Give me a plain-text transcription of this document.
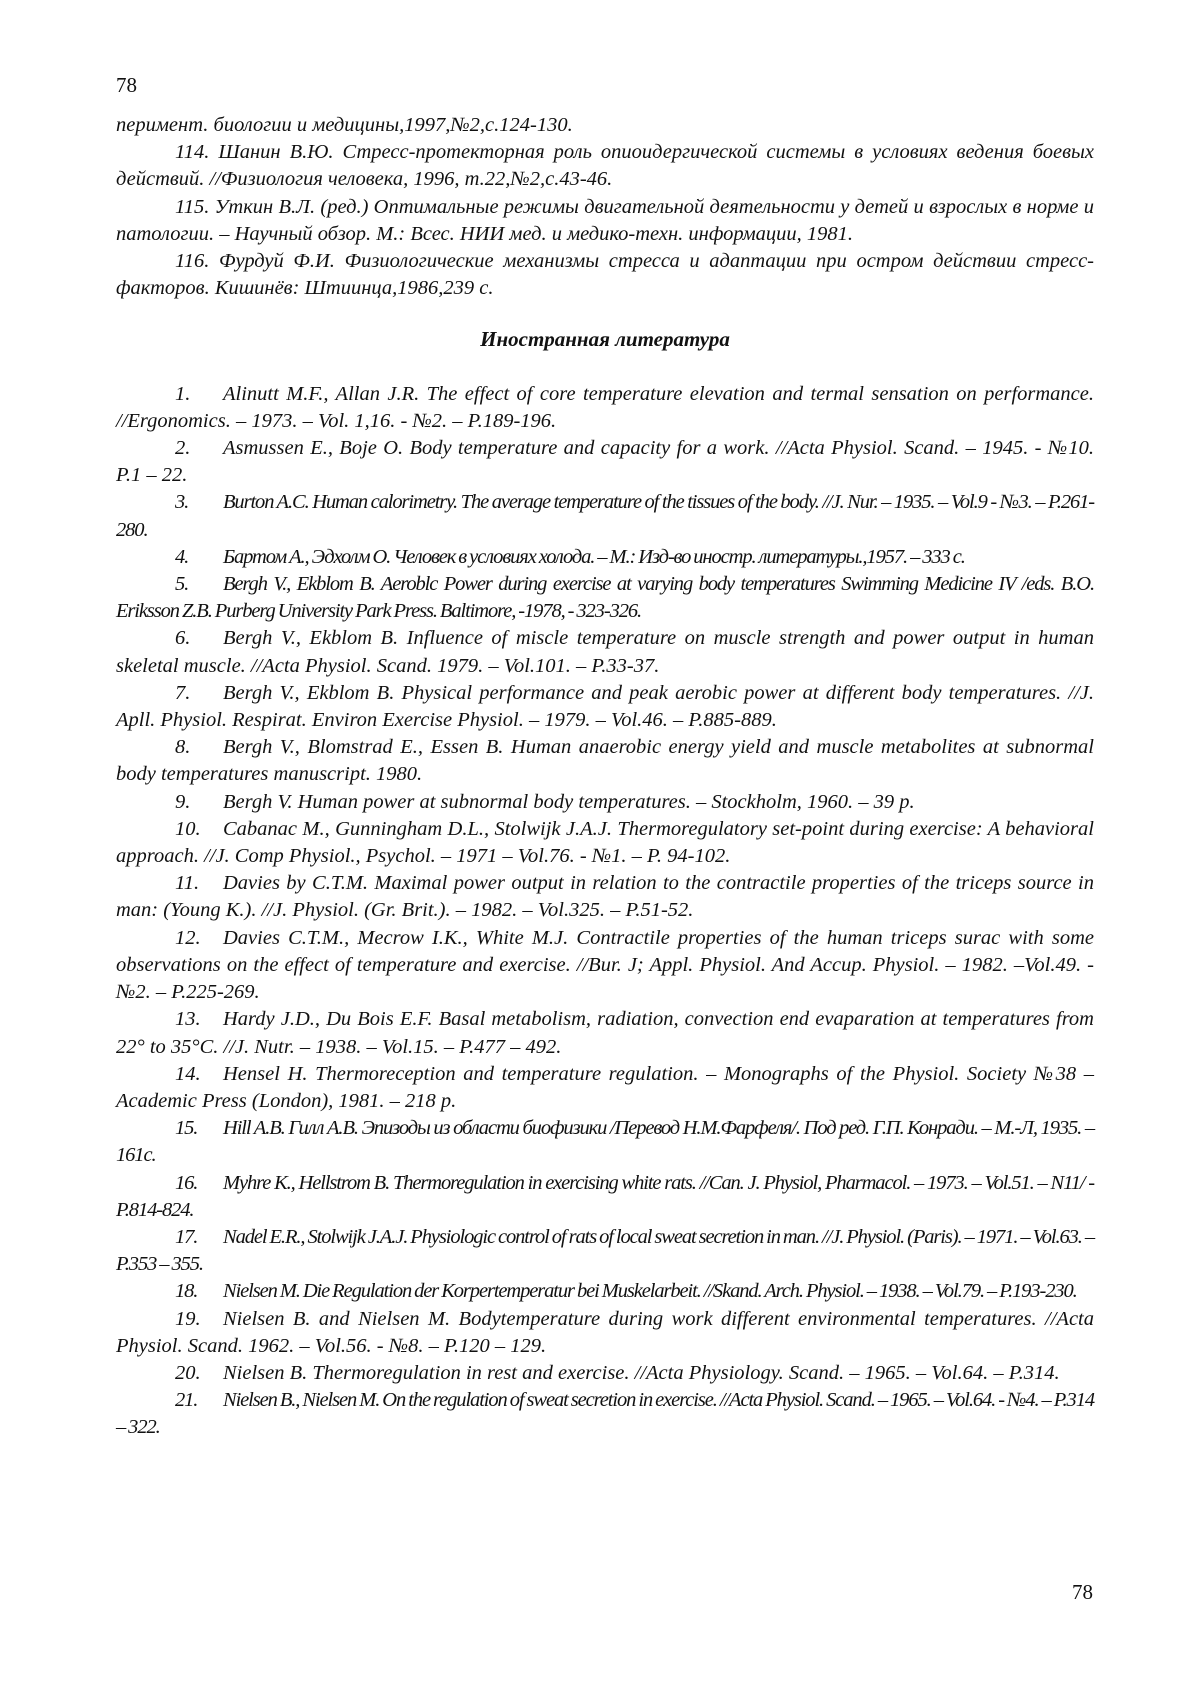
78

перимент. биологии и медицины,1997,№2,с.124-130.

114. Шанин В.Ю. Стресс-протекторная роль опиоидергической системы в условиях ведения боевых действий. //Физиология человека, 1996, т.22,№2,с.43-46.

115. Уткин В.Л. (ред.) Оптимальные режимы двигательной деятельности у детей и взрослых в норме и патологии. – Научный обзор. М.: Всес. НИИ мед. и медико-техн. информации, 1981.

116. Фурдуй Ф.И. Физиологические механизмы стресса и адаптации при остром действии стресс-факторов. Кишинёв: Штиинца,1986,239 с.

Иностранная литература

1. Alinutt M.F., Allan J.R. The effect of core temperature elevation and termal sensation on performance. //Ergonomics. – 1973. – Vol. 1,16. - №2. – P.189-196.

2. Asmussen E., Boje O. Body temperature and capacity for a work. //Acta Physiol. Scand. – 1945. - №10. P.1 – 22.

3. Burton A.C. Human calorimetry. The average temperature of the tissues of the body. //J. Nur. – 1935. – Vol.9 - №3. – P.261-280.

4. Бартом А., Эдхолм О. Человек в условиях холода. – М.: Изд-во иностр. литературы.,1957. – 333 с.

5. Bergh V., Ekblom B. Aeroblc Power during exercise at varying body temperatures Swimming Medicine IV /eds. B.O. Eriksson Z.B. Purberg University Park Press. Baltimore, -1978, - 323-326.

6. Bergh V., Ekblom B. Influence of miscle temperature on muscle strength and power output in human skeletal muscle. //Acta Physiol. Scand. 1979. – Vol.101. – P.33-37.

7. Bergh V., Ekblom B. Physical performance and peak aerobic power at different body temperatures. //J. Apll. Physiol. Respirat. Environ Exercise Physiol. – 1979. – Vol.46. – P.885-889.

8. Bergh V., Blomstrad E., Essen B. Human anaerobic energy yield and muscle metabolites at subnormal body temperatures manuscript. 1980.

9. Bergh V. Human power at subnormal body temperatures. – Stockholm, 1960. – 39 p.

10. Cabanac M., Gunningham D.L., Stolwijk J.A.J. Thermoregulatory set-point during exercise: A behavioral approach. //J. Comp Physiol., Psychol. – 1971 – Vol.76. - №1. – P. 94-102.

11. Davies by C.T.M. Maximal power output in relation to the contractile properties of the triceps source in man: (Young K.). //J. Physiol. (Gr. Brit.). – 1982. – Vol.325. – P.51-52.

12. Davies C.T.M., Mecrow I.K., White M.J. Contractile properties of the human triceps surac with some observations on the effect of temperature and exercise. //Bur. J; Appl. Physiol. And Accup. Physiol. – 1982. –Vol.49. - №2. – P.225-269.

13. Hardy J.D., Du Bois E.F. Basal metabolism, radiation, convection end evaparation at temperatures from 22° to 35°C. //J. Nutr. – 1938. – Vol.15. – P.477 – 492.

14. Hensel H. Thermoreception and temperature regulation. – Monographs of the Physiol. Society №38 – Academic Press (London), 1981. – 218 p.

15. Hill A.B. Гилл А.В. Эпизоды из области биофизики /Перевод Н.М.Фарфеля/. Под ред. Г.П. Конради. – М.-Л, 1935. – 161c.

16. Myhre K., Hellstrom B. Thermoregulation in exercising white rats. //Can. J. Physiol, Pharmacol. – 1973. – Vol.51. – N11/ - P.814-824.

17. Nadel E.R., Stolwijk J.A.J. Physiologic control of rats of local sweat secretion in man. //J. Physiol. (Paris). – 1971. – Vol.63. – P.353 – 355.

18. Nielsen M. Die Regulation der Korpertemperatur bei Muskelarbeit. //Skand. Arch. Physiol. – 1938. – Vol.79. – P.193-230.

19. Nielsen B. and Nielsen M. Bodytemperature during work different environmental temperatures. //Acta Physiol. Scand. 1962. – Vol.56. - №8. – P.120 – 129.

20. Nielsen B. Thermoregulation in rest and exercise. //Acta Physiology. Scand. – 1965. – Vol.64. – P.314.

21. Nielsen B., Nielsen M. On the regulation of sweat secretion in exercise. //Acta Physiol. Scand. – 1965. – Vol.64. - №4. – P.314 – 322.

78
